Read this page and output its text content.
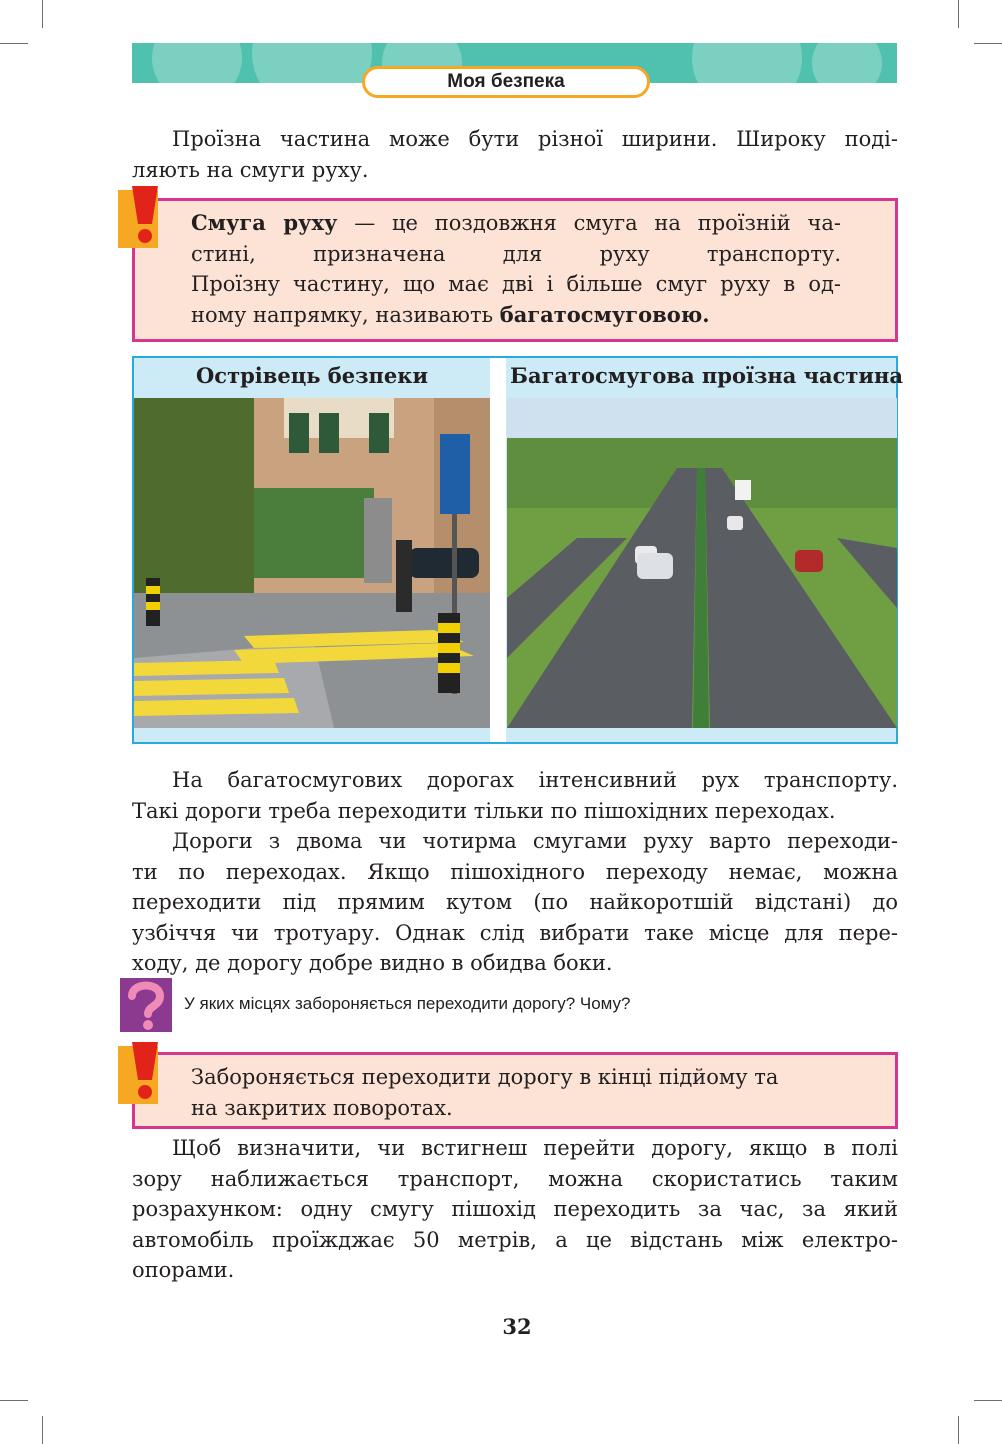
Моя безпека
Проїзна частина може бути різної ширини. Широку поді-
ляють на смуги руху.
Смуга руху — це поздовжня смуга на проїзній ча-
стині, призначена для руху транспорту.
Проїзну частину, що має дві і більше смуг руху в од-
ному напрямку, називають багатосмуговою.
Острівець безпеки	Багатосмугова проїзна частина
На багатосмугових дорогах інтенсивний рух транспорту.
Такі дороги треба переходити тільки по пішохідних переходах.
Дороги з двома чи чотирма смугами руху варто переходи-
ти по переходах. Якщо пішохідного переходу немає, можна
переходити під прямим кутом (по найкоротшій відстані) до
узбіччя чи тротуару. Однак слід вибрати таке місце для пере-
ходу, де дорогу добре видно в обидва боки.
У яких місцях забороняється переходити дорогу? Чому?
Забороняється переходити дорогу в кінці підйому та
на закритих поворотах.
Щоб визначити, чи встигнеш перейти дорогу, якщо в полі
зору наближається транспорт, можна скористатись таким
розрахунком: одну смугу пішохід переходить за час, за який
автомобіль проїжджає 50 метрів, а це відстань між електро-
опорами.
32
